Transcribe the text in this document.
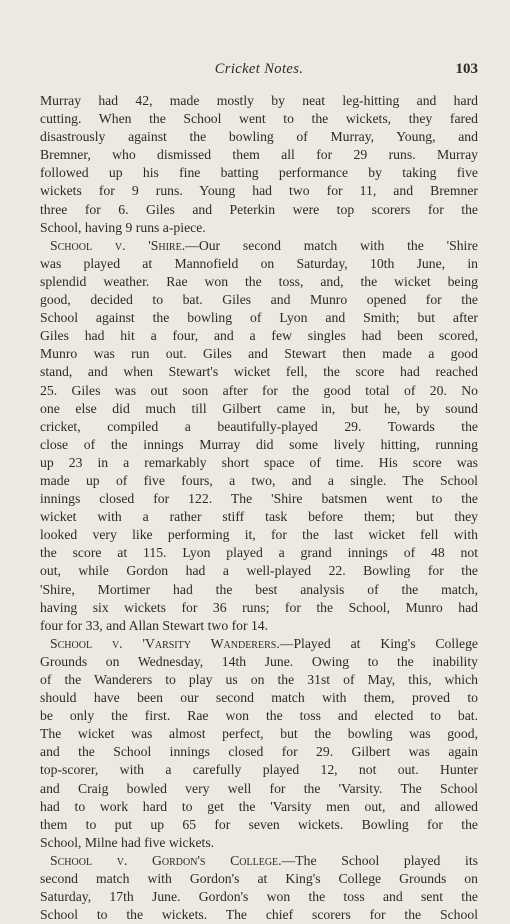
Cricket Notes.	103
Murray had 42, made mostly by neat leg-hitting and hard
cutting. When the School went to the wickets, they fared
disastrously against the bowling of Murray, Young, and
Bremner, who dismissed them all for 29 runs. Murray
followed up his fine batting performance by taking five
wickets for 9 runs. Young had two for 11, and Bremner
three for 6. Giles and Peterkin were top scorers for the
School, having 9 runs a-piece.
School v. 'Shire.—Our second match with the 'Shire
was played at Mannofield on Saturday, 10th June, in
splendid weather. Rae won the toss, and, the wicket being
good, decided to bat. Giles and Munro opened for the
School against the bowling of Lyon and Smith; but after
Giles had hit a four, and a few singles had been scored,
Munro was run out. Giles and Stewart then made a good
stand, and when Stewart's wicket fell, the score had reached
25. Giles was out soon after for the good total of 20. No
one else did much till Gilbert came in, but he, by sound
cricket, compiled a beautifully-played 29. Towards the
close of the innings Murray did some lively hitting, running
up 23 in a remarkably short space of time. His score was
made up of five fours, a two, and a single. The School
innings closed for 122. The 'Shire batsmen went to the
wicket with a rather stiff task before them; but they
looked very like performing it, for the last wicket fell with
the score at 115. Lyon played a grand innings of 48 not
out, while Gordon had a well-played 22. Bowling for the
'Shire, Mortimer had the best analysis of the match,
having six wickets for 36 runs; for the School, Munro had
four for 33, and Allan Stewart two for 14.
School v. 'Varsity Wanderers.—Played at King's College
Grounds on Wednesday, 14th June. Owing to the inability
of the Wanderers to play us on the 31st of May, this, which
should have been our second match with them, proved to
be only the first. Rae won the toss and elected to bat.
The wicket was almost perfect, but the bowling was good,
and the School innings closed for 29. Gilbert was again
top-scorer, with a carefully played 12, not out. Hunter
and Craig bowled very well for the 'Varsity. The School
had to work hard to get the 'Varsity men out, and allowed
them to put up 65 for seven wickets. Bowling for the
School, Milne had five wickets.
School v. Gordon's College.—The School played its
second match with Gordon's at King's College Grounds on
Saturday, 17th June. Gordon's won the toss and sent the
School to the wickets. The chief scorers for the School
